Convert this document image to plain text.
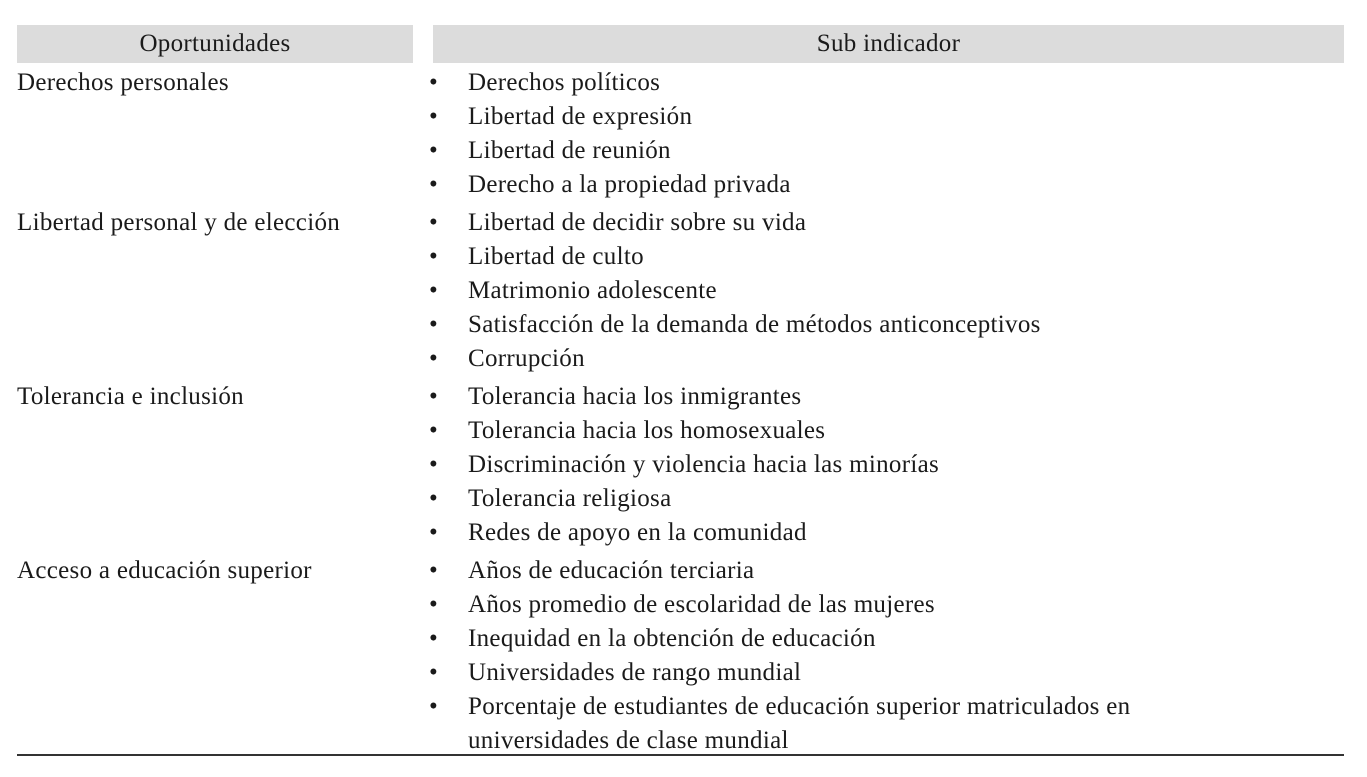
Oportunidades	Sub indicador
Derechos personales	•	Derechos políticos
•	Libertad de expresión
•	Libertad de reunión
•	Derecho a la propiedad privada
Libertad personal y de elección	•	Libertad de decidir sobre su vida
•	Libertad de culto
•	Matrimonio adolescente
•	Satisfacción de la demanda de métodos anticonceptivos
•	Corrupción
Tolerancia e inclusión	•	Tolerancia hacia los inmigrantes
•	Tolerancia hacia los homosexuales
•	Discriminación y violencia hacia las minorías
•	Tolerancia religiosa
•	Redes de apoyo en la comunidad
Acceso a educación superior	•	Años de educación terciaria
•	Años promedio de escolaridad de las mujeres
•	Inequidad en la obtención de educación
•	Universidades de rango mundial
•	Porcentaje de estudiantes de educación superior matriculados en universidades de clase mundial
